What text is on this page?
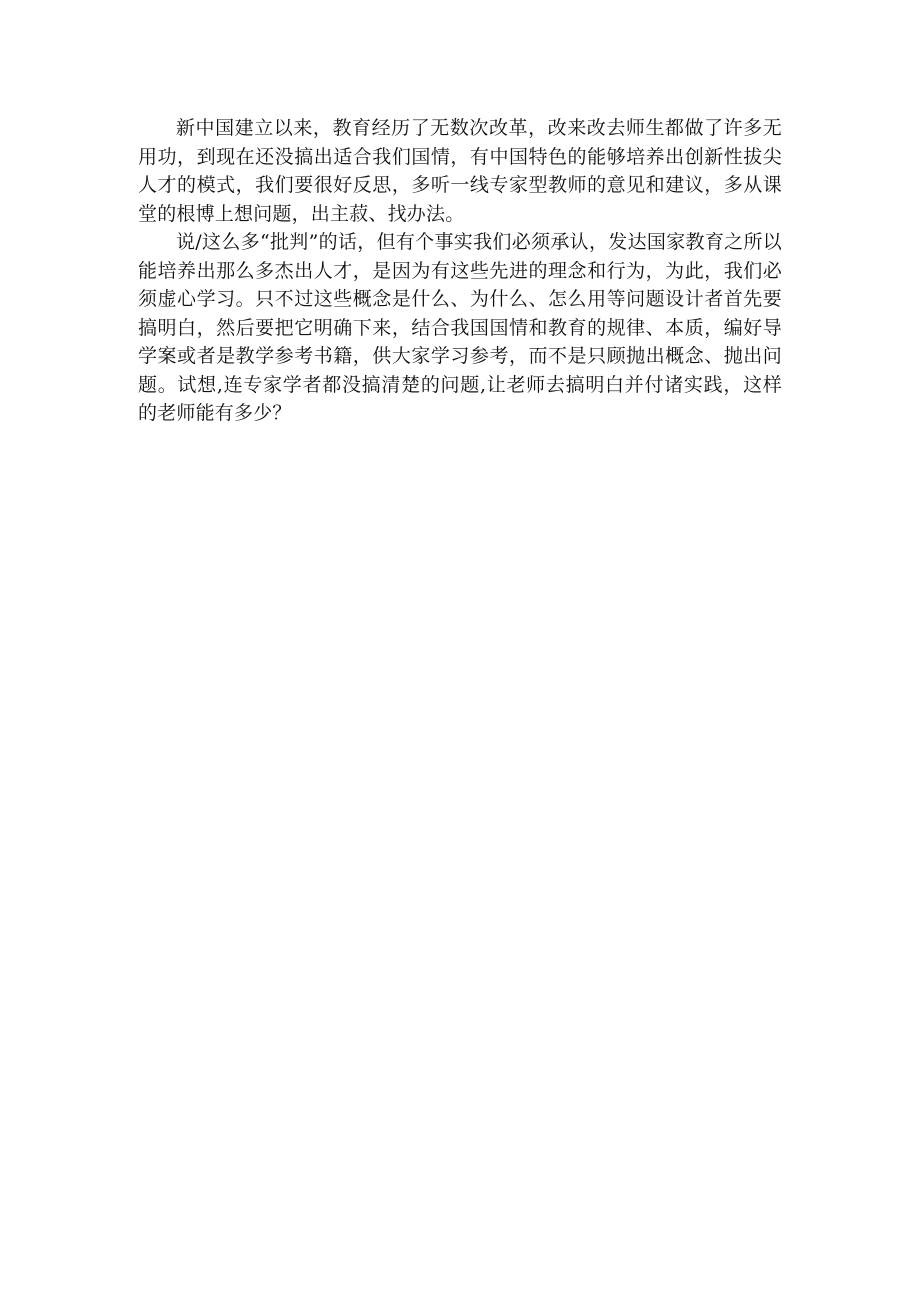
新中国建立以来，教育经历了无数次改革，改来改去师生都做了许多无用功，到现在还没搞出适合我们国情，有中国特色的能够培养出创新性拔尖人才的模式，我们要很好反思，多听一线专家型教师的意见和建议，多从课堂的根博上想问题，出主菽、找办法。

说/这么多“批判”的话，但有个事实我们必须承认，发达国家教育之所以能培养出那么多杰出人才，是因为有这些先进的理念和行为，为此，我们必须虚心学习。只不过这些概念是什么、为什么、怎么用等问题设计者首先要搞明白，然后要把它明确下来，结合我国国情和教育的规律、本质，编好导学案或者是教学参考书籍，供大家学习参考，而不是只顾抛出概念、抛出问题。试想,连专家学者都没搞清楚的问题,让老师去搞明白并付诸实践，这样的老师能有多少？
